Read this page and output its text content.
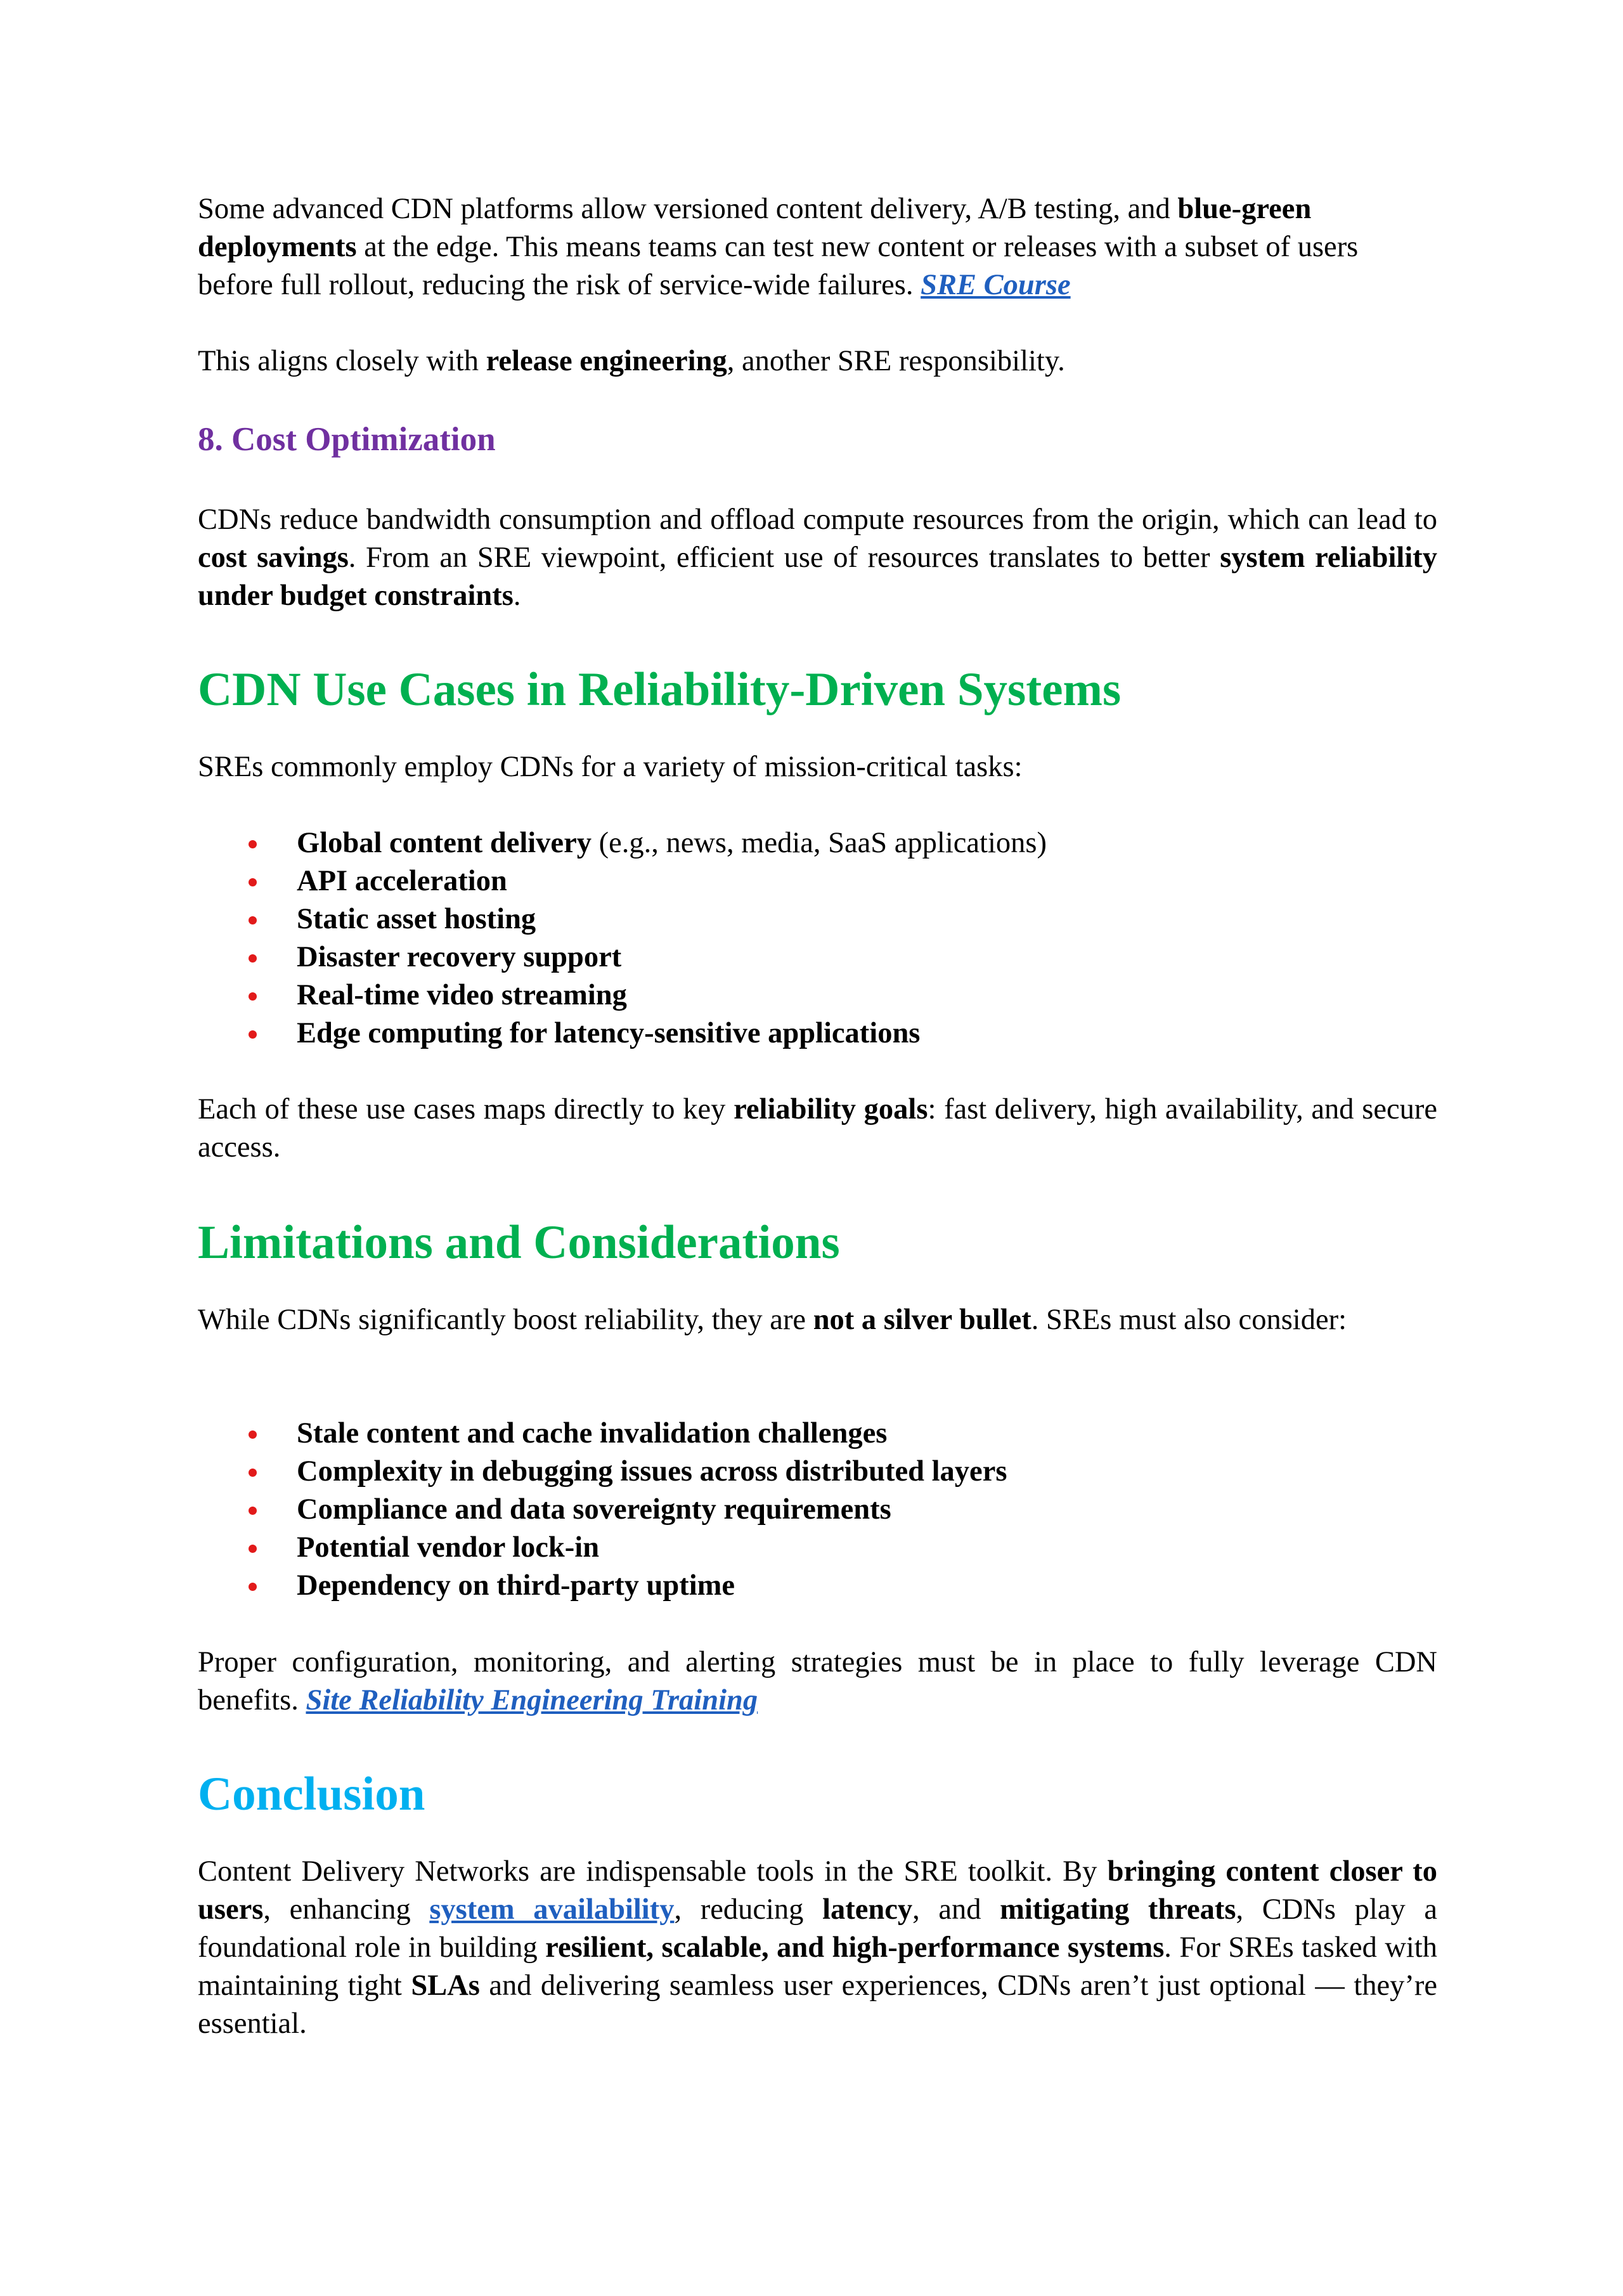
Some advanced CDN platforms allow versioned content delivery, A/B testing, and blue-green deployments at the edge. This means teams can test new content or releases with a subset of users before full rollout, reducing the risk of service-wide failures. SRE Course

This aligns closely with release engineering, another SRE responsibility.

8. Cost Optimization

CDNs reduce bandwidth consumption and offload compute resources from the origin, which can lead to cost savings. From an SRE viewpoint, efficient use of resources translates to better system reliability under budget constraints.

CDN Use Cases in Reliability-Driven Systems

SREs commonly employ CDNs for a variety of mission-critical tasks:

Global content delivery (e.g., news, media, SaaS applications)
API acceleration
Static asset hosting
Disaster recovery support
Real-time video streaming
Edge computing for latency-sensitive applications

Each of these use cases maps directly to key reliability goals: fast delivery, high availability, and secure access.

Limitations and Considerations

While CDNs significantly boost reliability, they are not a silver bullet. SREs must also consider:

Stale content and cache invalidation challenges
Complexity in debugging issues across distributed layers
Compliance and data sovereignty requirements
Potential vendor lock-in
Dependency on third-party uptime

Proper configuration, monitoring, and alerting strategies must be in place to fully leverage CDN benefits. Site Reliability Engineering Training

Conclusion

Content Delivery Networks are indispensable tools in the SRE toolkit. By bringing content closer to users, enhancing system availability, reducing latency, and mitigating threats, CDNs play a foundational role in building resilient, scalable, and high-performance systems. For SREs tasked with maintaining tight SLAs and delivering seamless user experiences, CDNs aren’t just optional — they’re essential.
